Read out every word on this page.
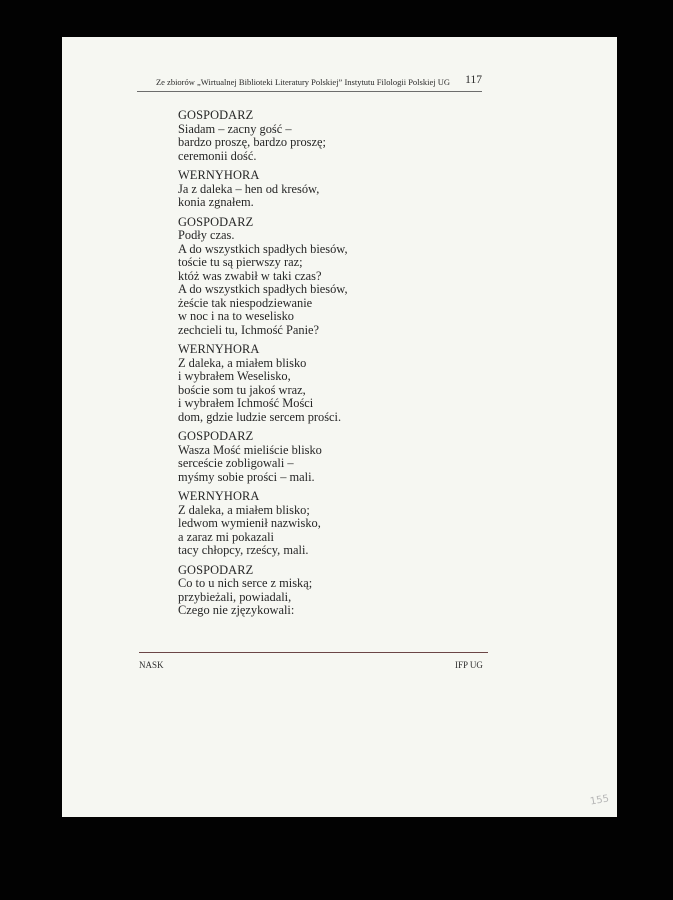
Ze zbiorów „Wirtualnej Biblioteki Literatury Polskiej” Instytutu Filologii Polskiej UG 117
GOSPODARZ
Siadam – zacny gość –
bardzo proszę, bardzo proszę;
ceremonii dość.
WERNYHORA
Ja z daleka – hen od kresów,
konia zgnałem.
GOSPODARZ
Podły czas.
A do wszystkich spadłych biesów,
toście tu są pierwszy raz;
któż was zwabił w taki czas?
A do wszystkich spadłych biesów,
żeście tak niespodziewanie
w noc i na to weselisko
zechcieli tu, Ichmość Panie?
WERNYHORA
Z daleka, a miałem blisko
i wybrałem Weselisko,
boście som tu jakoś wraz,
i wybrałem Ichmość Mości
dom, gdzie ludzie sercem prości.
GOSPODARZ
Wasza Mość mieliście blisko
serceście zobligowali –
myśmy sobie prości – mali.
WERNYHORA
Z daleka, a miałem blisko;
ledwom wymienił nazwisko,
a zaraz mi pokazali
tacy chłopcy, rześcy, mali.
GOSPODARZ
Co to u nich serce z miską;
przybieżali, powiadali,
Czego nie zjęzykowali:
NASK	IFP UG
155
